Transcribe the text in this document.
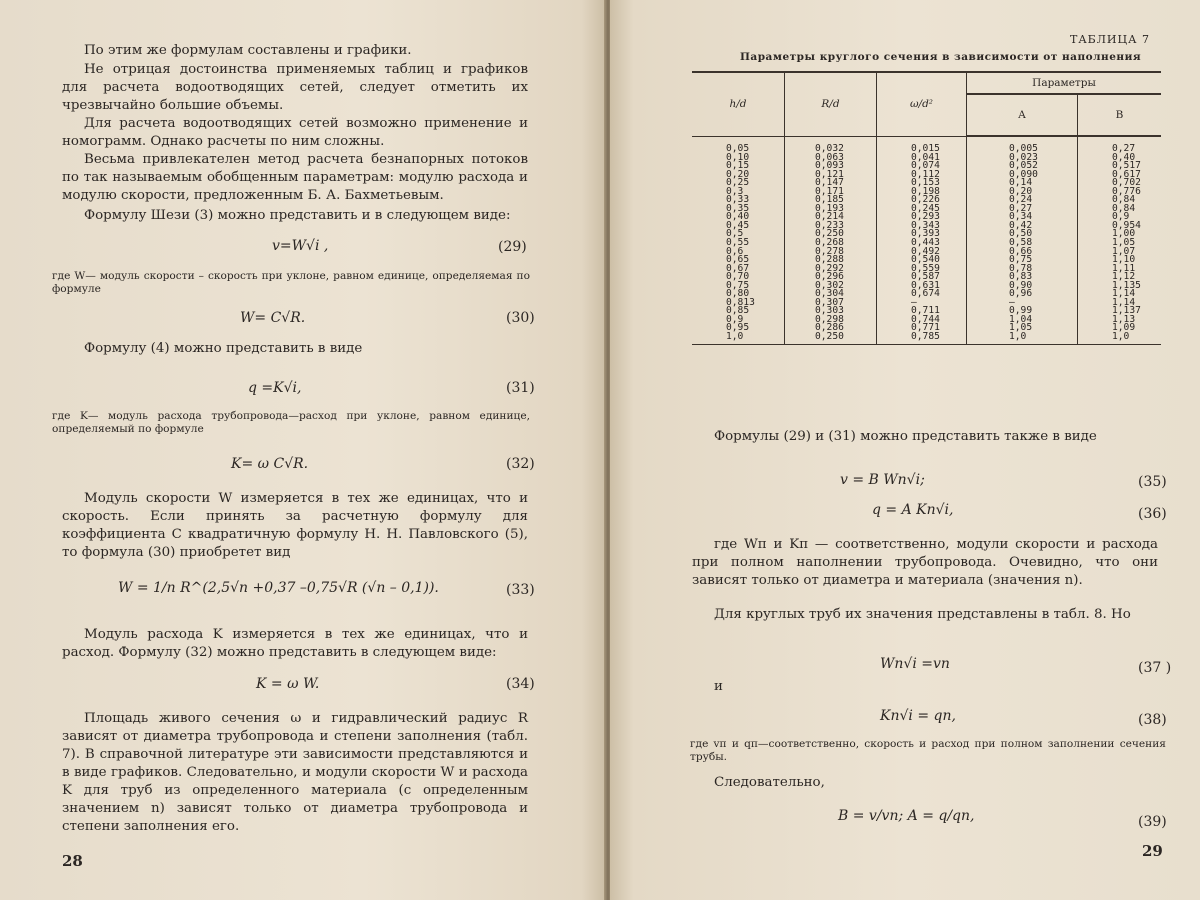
По этим же формулам составлены и графики.

Не отрицая достоинства применяемых таблиц и графиков для расчета водоотводящих сетей, следует отметить их чрезвычайно большие объемы.

Для расчета водоотводящих сетей возможно применение и номограмм. Однако расчеты по ним сложны.

Весьма привлекателен метод расчета безнапорных потоков по так называемым обобщенным параметрам: модулю расхода и модулю скорости, предложенным Б. А. Бахметьевым.

Формулу Шези (3) можно представить и в следующем виде:

v=W√i ,	(29)

где W— модуль скорости – скорость при уклоне, равном единице, определяемая по формуле

W= C√R.	(30)

Формулу (4) можно представить в виде

q =K√i,	(31)

где K— модуль расхода трубопровода—расход при уклоне, равном единице, определяемый по формуле

K= ω C√R.	(32)

Модуль скорости W измеряется в тех же единицах, что и скорость. Если принять за расчетную формулу для коэффициента C квадратичную формулу Н. Н. Павловского (5), то формула (30) приобретет вид

W = 1/n R^(2,5√n +0,37 –0,75√R (√n – 0,1)).	(33)

Модуль расхода K измеряется в тех же единицах, что и расход. Формулу (32) можно представить в следующем виде:

K = ω W.	(34)

Площадь живого сечения ω и гидравлический радиус R зависят от диаметра трубопровода и степени заполнения (табл. 7). В справочной литературе эти зависимости представляются и в виде графиков. Следовательно, и модули скорости W и расхода K для труб из определенного материала (с определенным значением n) зависят только от диаметра трубопровода и степени заполнения его.

28
ТАБЛИЦА 7
Параметры круглого сечения в зависимости от наполнения
h/d	R/d	ω/d²	Параметры	
			А	В
0,05	0,032	0,015	0,005	0,27
0,10	0,063	0,041	0,023	0,40
0,15	0,093	0,074	0,052	0,517
0,20	0,121	0,112	0,090	0,617
0,25	0,147	0,153	0,14	0,702
0,3	0,171	0,198	0,20	0,776
0,33	0,185	0,226	0,24	0,84
0,35	0,193	0,245	0,27	0,84
0,40	0,214	0,293	0,34	0,9
0,45	0,233	0,343	0,42	0,954
0,5	0,250	0,393	0,50	1,00
0,55	0,268	0,443	0,58	1,05
0,6	0,278	0,492	0,66	1,07
0,65	0,288	0,540	0,75	1,10
0,67	0,292	0,559	0,78	1,11
0,70	0,296	0,587	0,83	1,12
0,75	0,302	0,631	0,90	1,135
0,80	0,304	0,674	0,96	1,14
0,813	0,307	—	—	1,14
0,85	0,303	0,711	0,99	1,137
0,9	0,298	0,744	1,04	1,13
0,95	0,286	0,771	1,05	1,09
1,0	0,250	0,785	1,0	1,0

Формулы (29) и (31) можно представить также в виде

v = B Wп√i;	(35)
q = A Kп√i,	(36)

где Wп и Kп — соответственно, модули скорости и расхода при полном наполнении трубопровода. Очевидно, что они зависят только от диаметра и материала (значения n).

Для круглых труб их значения представлены в табл. 8. Но

Wп√i =vп	(37 )
и
Kп√i = qп,	(38)

где vп и qп—соответственно, скорость и расход при полном заполнении сечения трубы.

Следовательно,

B = v/vп; A = q/qп,	(39)
29
